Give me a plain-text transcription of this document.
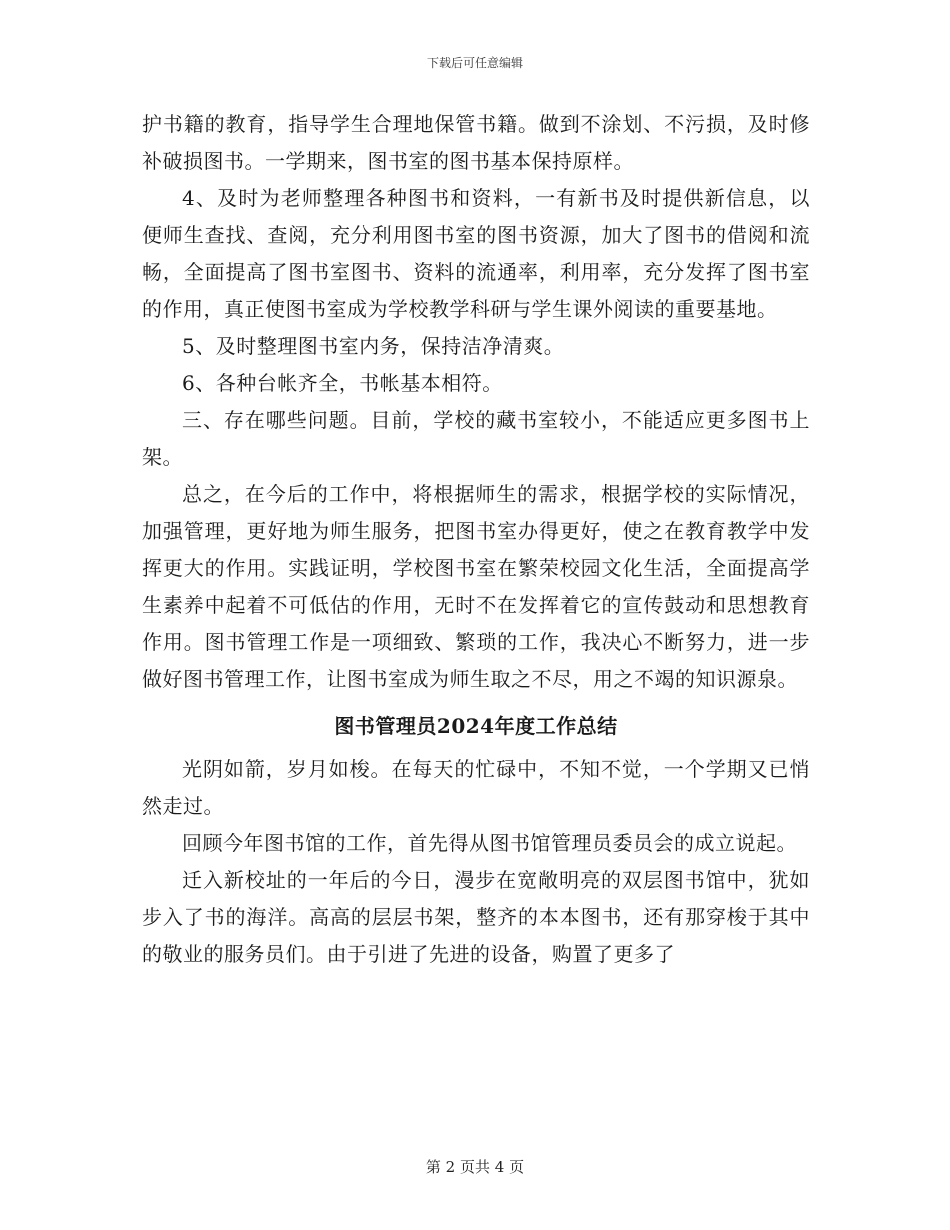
下载后可任意编辑

护书籍的教育，指导学生合理地保管书籍。做到不涂划、不污损，及时修补破损图书。一学期来，图书室的图书基本保持原样。

4、及时为老师整理各种图书和资料，一有新书及时提供新信息，以便师生查找、查阅，充分利用图书室的图书资源，加大了图书的借阅和流畅，全面提高了图书室图书、资料的流通率，利用率，充分发挥了图书室的作用，真正使图书室成为学校教学科研与学生课外阅读的重要基地。

5、及时整理图书室内务，保持洁净清爽。

6、各种台帐齐全，书帐基本相符。

三、存在哪些问题。目前，学校的藏书室较小，不能适应更多图书上架。

总之，在今后的工作中，将根据师生的需求，根据学校的实际情况，加强管理，更好地为师生服务，把图书室办得更好，使之在教育教学中发挥更大的作用。实践证明，学校图书室在繁荣校园文化生活，全面提高学生素养中起着不可低估的作用，无时不在发挥着它的宣传鼓动和思想教育作用。图书管理工作是一项细致、繁琐的工作，我决心不断努力，进一步做好图书管理工作，让图书室成为师生取之不尽，用之不竭的知识源泉。

图书管理员2024年度工作总结

光阴如箭，岁月如梭。在每天的忙碌中，不知不觉，一个学期又已悄然走过。

回顾今年图书馆的工作，首先得从图书馆管理员委员会的成立说起。

迁入新校址的一年后的今日，漫步在宽敞明亮的双层图书馆中，犹如步入了书的海洋。高高的层层书架，整齐的本本图书，还有那穿梭于其中的敬业的服务员们。由于引进了先进的设备，购置了更多了

第 2 页共 4 页
